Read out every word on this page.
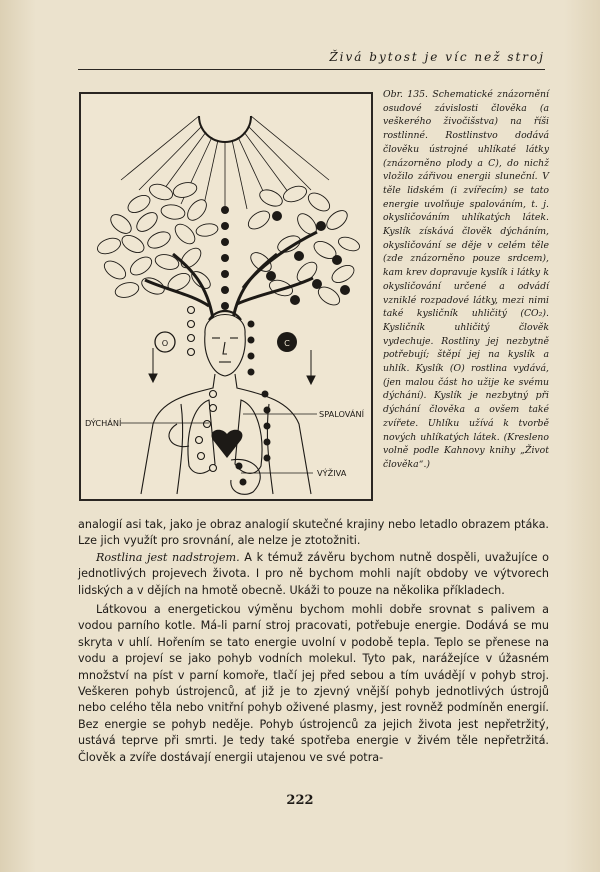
Živá bytost je víc než stroj
O	C
DÝCHÁNÍ
SPALOVÁNÍ
VÝŽIVA
Obr. 135. Schematické znázornění osudové závislosti člověka (a veškerého živočišstva) na říši rostlinné. Rostlinstvo dodává člověku ústrojné uhlíkaté látky (znázorněno plody a C), do nichž vložilo zářivou energii sluneční. V těle lidském (i zvířecím) se tato energie uvolňuje spalováním, t. j. okysličováním uhlíkatých látek. Kyslík získává člověk dýcháním, okysličování se děje v celém těle (zde znázorněno pouze srdcem), kam krev dopravuje kyslík i látky k okysličování určené a odvádí vzniklé rozpadové látky, mezi nimi také kysličník uhličitý (CO₂). Kysličník uhličitý člověk vydechuje. Rostliny jej nezbytně potřebují; štěpí jej na kyslík a uhlík. Kyslík (O) rostlina vydává, (jen malou část ho užije ke svému dýchání). Kyslík je nezbytný při dýchání člověka a ovšem také zvířete. Uhlíku užívá k tvorbě nových uhlíkatých látek. (Kresleno volně podle Kahnovy knihy „Život člověka“.)

analogií asi tak, jako je obraz analogií skutečné krajiny nebo letadlo obrazem ptáka. Lze jich využít pro srovnání, ale nelze je ztotožniti.

Rostlina jest nadstrojem. A k témuž závěru bychom nutně dospěli, uvažujíce o jednotlivých projevech života. I pro ně bychom mohli najít obdoby ve výtvorech lidských a v dějích na hmotě obecně. Ukáži to pouze na několika příkladech.

Látkovou a energetickou výměnu bychom mohli dobře srovnat s palivem a vodou parního kotle. Má-li parní stroj pracovati, potřebuje energie. Dodává se mu skryta v uhlí. Hořením se tato energie uvolní v podobě tepla. Teplo se přenese na vodu a projeví se jako pohyb vodních molekul. Tyto pak, narážejíce v úžasném množství na píst v parní komoře, tlačí jej před sebou a tím uvádějí v pohyb stroj. Veškeren pohyb ústrojenců, ať již je to zjevný vnější pohyb jednotlivých ústrojů nebo celého těla nebo vnitřní pohyb oživené plasmy, jest rovněž podmíněn energií. Bez energie se pohyb neděje. Pohyb ústrojenců za jejich života jest nepřetržitý, ustává teprve při smrti. Je tedy také spotřeba energie v živém těle nepřetržitá. Člověk a zvíře dostávají energii utajenou ve své potra-

222
